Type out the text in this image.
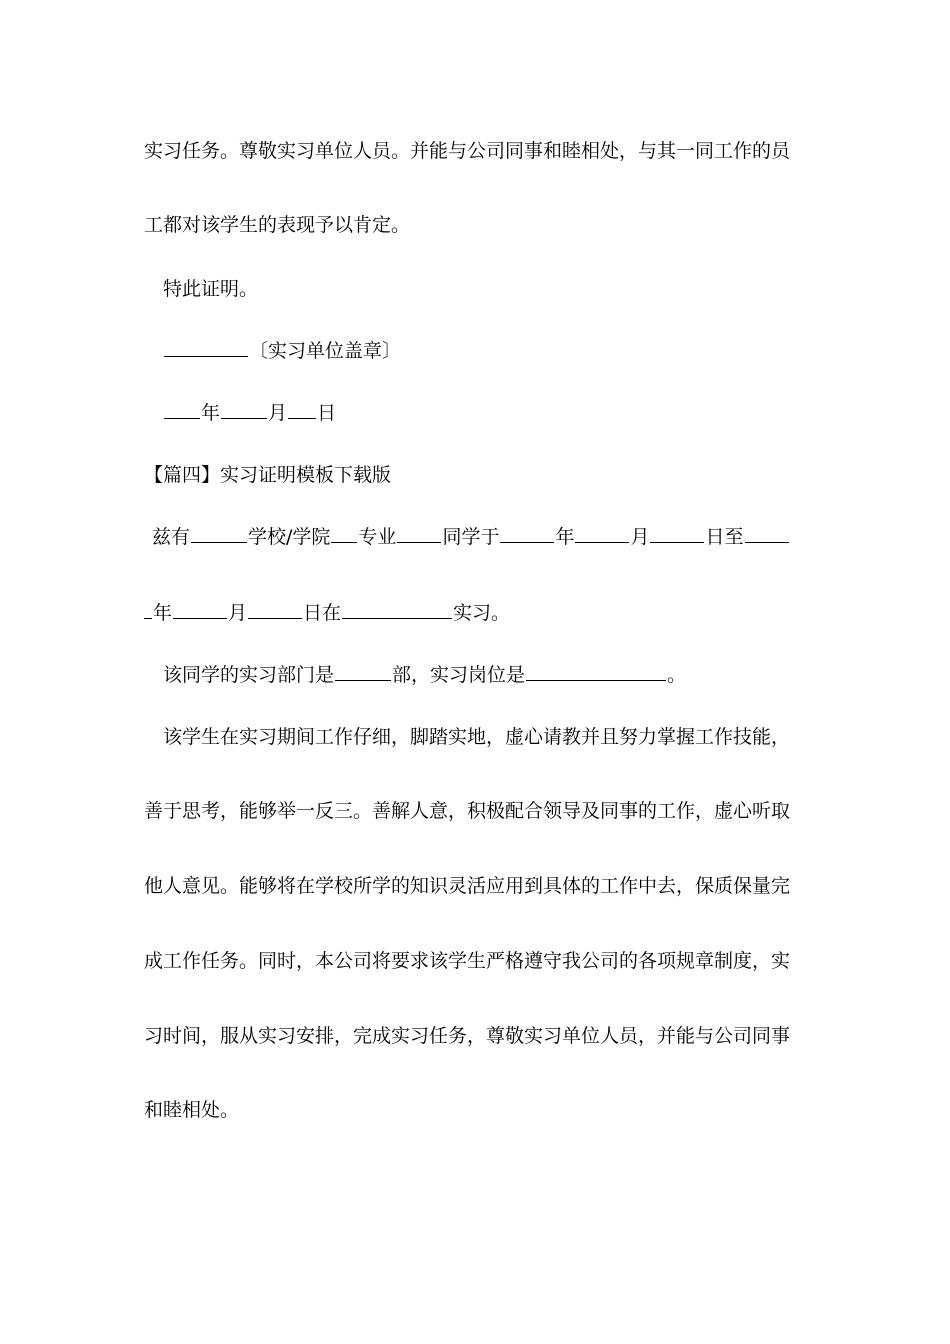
实习任务。尊敬实习单位人员。并能与公司同事和睦相处，与其一同工作的员
工都对该学生的表现予以肯定。
特此证明。
〔实习单位盖章〕
年	月 日
【篇四】实习证明模板下载版
兹有	学校/学院 专业 同学于	年	月	日至
年	月	日在	实习。
该同学的实习部门是	部，实习岗位是	。
该学生在实习期间工作仔细，脚踏实地，虚心请教并且努力掌握工作技能，
善于思考，能够举一反三。善解人意，积极配合领导及同事的工作，虚心听取
他人意见。能够将在学校所学的知识灵活应用到具体的工作中去，保质保量完
成工作任务。同时，本公司将要求该学生严格遵守我公司的各项规章制度，实
习时间，服从实习安排，完成实习任务，尊敬实习单位人员，并能与公司同事
和睦相处。
